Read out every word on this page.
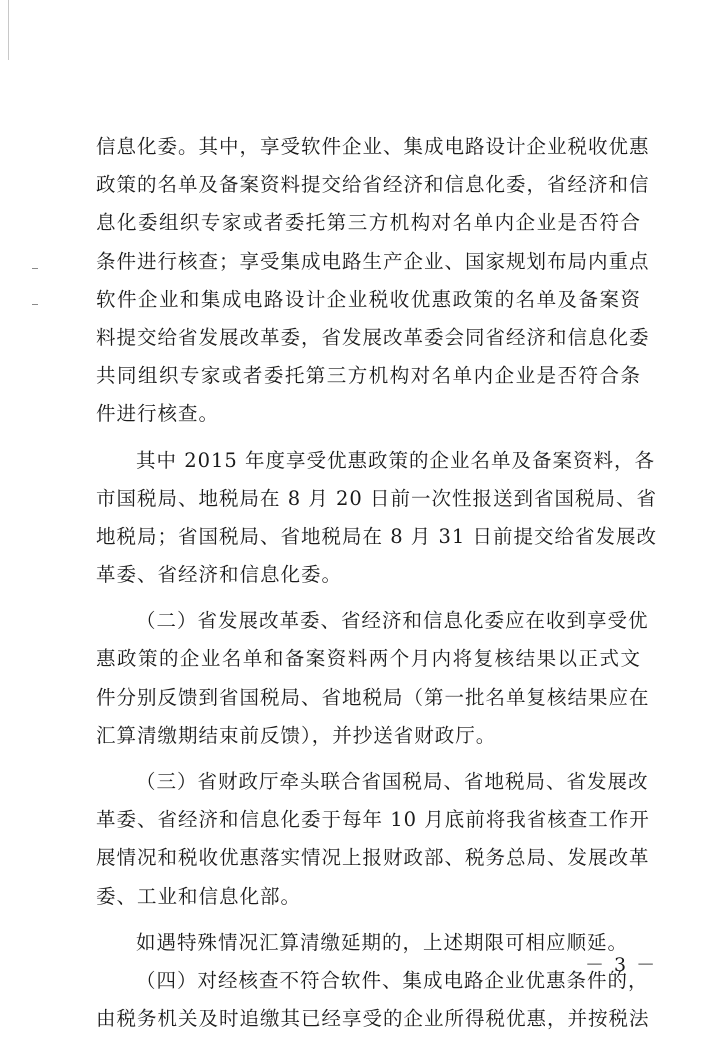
信息化委。其中，享受软件企业、集成电路设计企业税收优惠
政策的名单及备案资料提交给省经济和信息化委，省经济和信
息化委组织专家或者委托第三方机构对名单内企业是否符合
条件进行核查；享受集成电路生产企业、国家规划布局内重点
软件企业和集成电路设计企业税收优惠政策的名单及备案资
料提交给省发展改革委，省发展改革委会同省经济和信息化委
共同组织专家或者委托第三方机构对名单内企业是否符合条
件进行核查。
其中 2015 年度享受优惠政策的企业名单及备案资料，各
市国税局、地税局在 8 月 20 日前一次性报送到省国税局、省
地税局；省国税局、省地税局在 8 月 31 日前提交给省发展改
革委、省经济和信息化委。
（二）省发展改革委、省经济和信息化委应在收到享受优
惠政策的企业名单和备案资料两个月内将复核结果以正式文
件分别反馈到省国税局、省地税局（第一批名单复核结果应在
汇算清缴期结束前反馈），并抄送省财政厅。
（三）省财政厅牵头联合省国税局、省地税局、省发展改
革委、省经济和信息化委于每年 10 月底前将我省核查工作开
展情况和税收优惠落实情况上报财政部、税务总局、发展改革
委、工业和信息化部。
如遇特殊情况汇算清缴延期的，上述期限可相应顺延。
（四）对经核查不符合软件、集成电路企业优惠条件的，
由税务机关及时追缴其已经享受的企业所得税优惠，并按税法
－ 3 －
